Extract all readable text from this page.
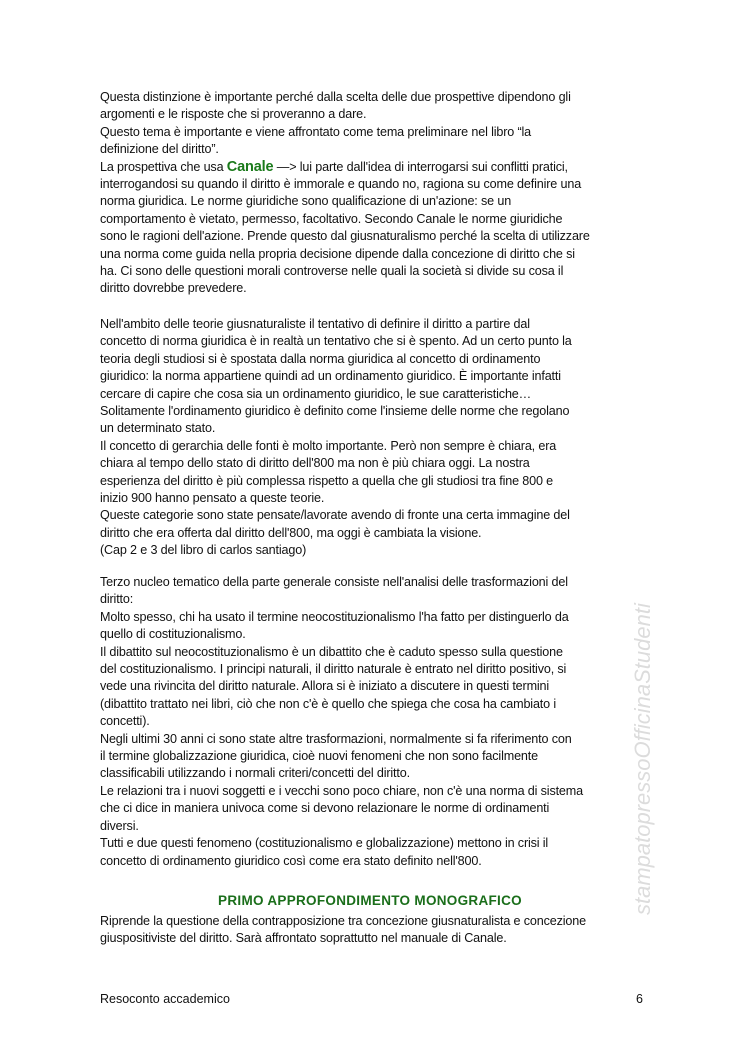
stampatopressoOfficinaStudenti
Questa distinzione è importante perché dalla scelta delle due prospettive dipendono gli
argomenti e le risposte che si proveranno a dare.
Questo tema è importante e viene affrontato come tema preliminare nel libro “la
definizione del diritto”.
La prospettiva che usa Canale —> lui parte dall'idea di interrogarsi sui conflitti pratici,
interrogandosi su quando il diritto è immorale e quando no, ragiona su come definire una
norma giuridica. Le norme giuridiche sono qualificazione di un'azione: se un
comportamento è vietato, permesso, facoltativo. Secondo Canale le norme giuridiche
sono le ragioni dell'azione. Prende questo dal giusnaturalismo perché la scelta di utilizzare
una norma come guida nella propria decisione dipende dalla concezione di diritto che si
ha. Ci sono delle questioni morali controverse nelle quali la società si divide su cosa il
diritto dovrebbe prevedere.
Nell'ambito delle teorie giusnaturaliste il tentativo di definire il diritto a partire dal
concetto di norma giuridica è in realtà un tentativo che si è spento. Ad un certo punto la
teoria degli studiosi si è spostata dalla norma giuridica al concetto di ordinamento
giuridico: la norma appartiene quindi ad un ordinamento giuridico. È importante infatti
cercare di capire che cosa sia un ordinamento giuridico, le sue caratteristiche…
Solitamente l'ordinamento giuridico è definito come l'insieme delle norme che regolano
un determinato stato.
Il concetto di gerarchia delle fonti è molto importante. Però non sempre è chiara, era
chiara al tempo dello stato di diritto dell'800 ma non è più chiara oggi. La nostra
esperienza del diritto è più complessa rispetto a quella che gli studiosi tra fine 800 e
inizio 900 hanno pensato a queste teorie.
Queste categorie sono state pensate/lavorate avendo di fronte una certa immagine del
diritto che era offerta dal diritto dell'800, ma oggi è cambiata la visione.
(Cap 2 e 3 del libro di carlos santiago)
Terzo nucleo tematico della parte generale consiste nell'analisi delle trasformazioni del
diritto:
Molto spesso, chi ha usato il termine neocostituzionalismo l'ha fatto per distinguerlo da
quello di costituzionalismo.
Il dibattito sul neocostituzionalismo è un dibattito che è caduto spesso sulla questione
del costituzionalismo. I principi naturali, il diritto naturale è entrato nel diritto positivo, si
vede una rivincita del diritto naturale. Allora si è iniziato a discutere in questi termini
(dibattito trattato nei libri, ciò che non c'è è quello che spiega che cosa ha cambiato i
concetti).
Negli ultimi 30 anni ci sono state altre trasformazioni, normalmente si fa riferimento con
il termine globalizzazione giuridica, cioè nuovi fenomeni che non sono facilmente
classificabili utilizzando i normali criteri/concetti del diritto.
Le relazioni tra i nuovi soggetti e i vecchi sono poco chiare, non c'è una norma di sistema
che ci dice in maniera univoca come si devono relazionare le norme di ordinamenti
diversi.
Tutti e due questi fenomeno (costituzionalismo e globalizzazione) mettono in crisi il
concetto di ordinamento giuridico così come era stato definito nell'800.
PRIMO APPROFONDIMENTO MONOGRAFICO
Riprende la questione della contrapposizione tra concezione giusnaturalista e concezione
giuspositiviste del diritto. Sarà affrontato soprattutto nel manuale di Canale.
Resoconto accademico	6
